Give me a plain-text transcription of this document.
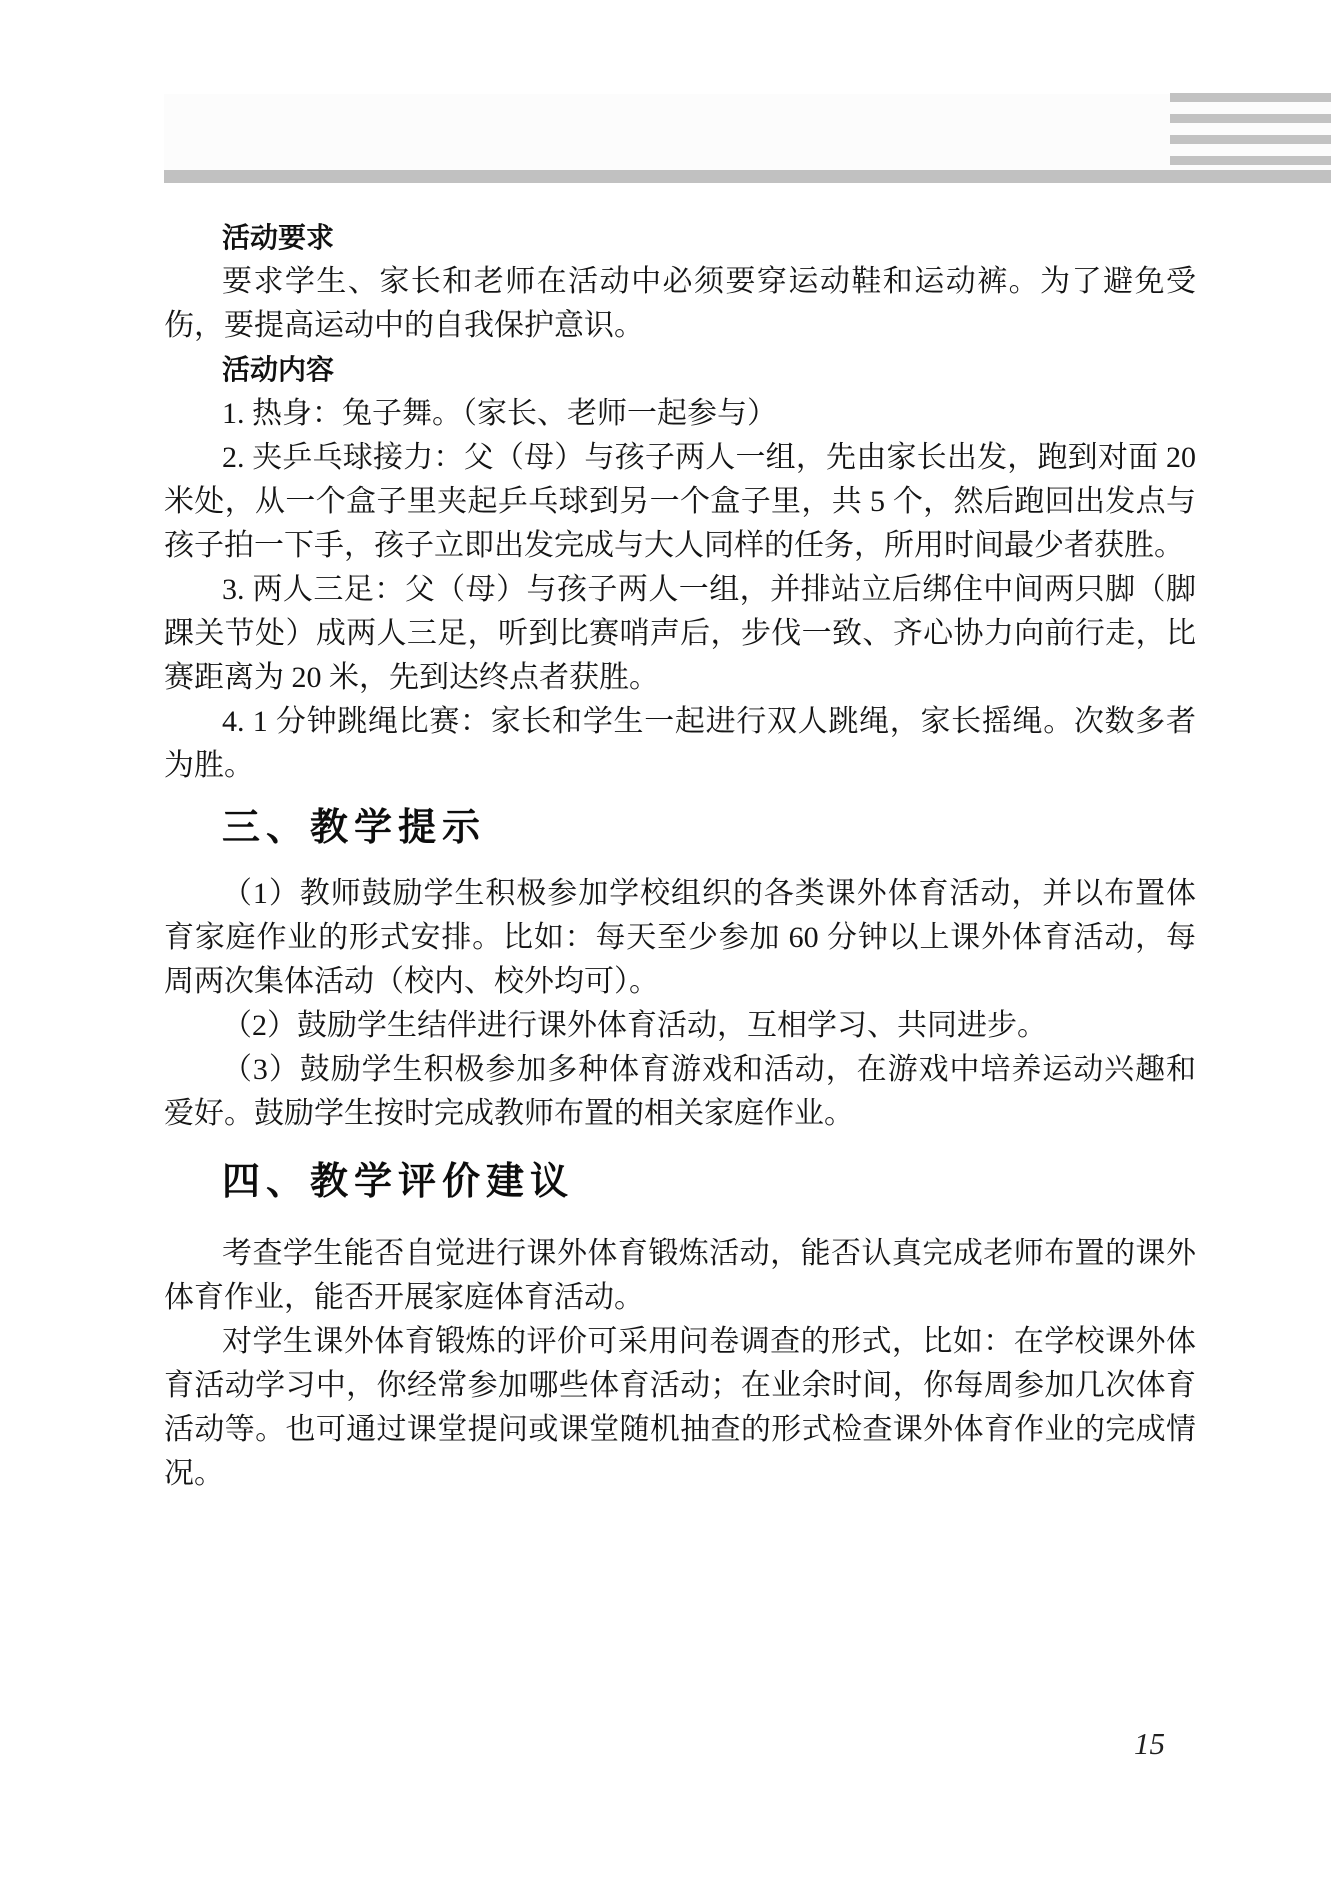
活动要求

要求学生、家长和老师在活动中必须要穿运动鞋和运动裤。为了避免受伤，要提高运动中的自我保护意识。

活动内容

1. 热身：兔子舞。（家长、老师一起参与）

2. 夹乒乓球接力：父（母）与孩子两人一组，先由家长出发，跑到对面 20 米处，从一个盒子里夹起乒乓球到另一个盒子里，共 5 个，然后跑回出发点与孩子拍一下手，孩子立即出发完成与大人同样的任务，所用时间最少者获胜。

3. 两人三足：父（母）与孩子两人一组，并排站立后绑住中间两只脚（脚踝关节处）成两人三足，听到比赛哨声后，步伐一致、齐心协力向前行走，比赛距离为 20 米，先到达终点者获胜。

4. 1 分钟跳绳比赛：家长和学生一起进行双人跳绳，家长摇绳。次数多者为胜。

三、教学提示

（1）教师鼓励学生积极参加学校组织的各类课外体育活动，并以布置体育家庭作业的形式安排。比如：每天至少参加 60 分钟以上课外体育活动，每周两次集体活动（校内、校外均可）。

（2）鼓励学生结伴进行课外体育活动，互相学习、共同进步。

（3）鼓励学生积极参加多种体育游戏和活动，在游戏中培养运动兴趣和爱好。鼓励学生按时完成教师布置的相关家庭作业。

四、教学评价建议

考查学生能否自觉进行课外体育锻炼活动，能否认真完成老师布置的课外体育作业，能否开展家庭体育活动。

对学生课外体育锻炼的评价可采用问卷调查的形式，比如：在学校课外体育活动学习中，你经常参加哪些体育活动；在业余时间，你每周参加几次体育活动等。也可通过课堂提问或课堂随机抽查的形式检查课外体育作业的完成情况。

15
